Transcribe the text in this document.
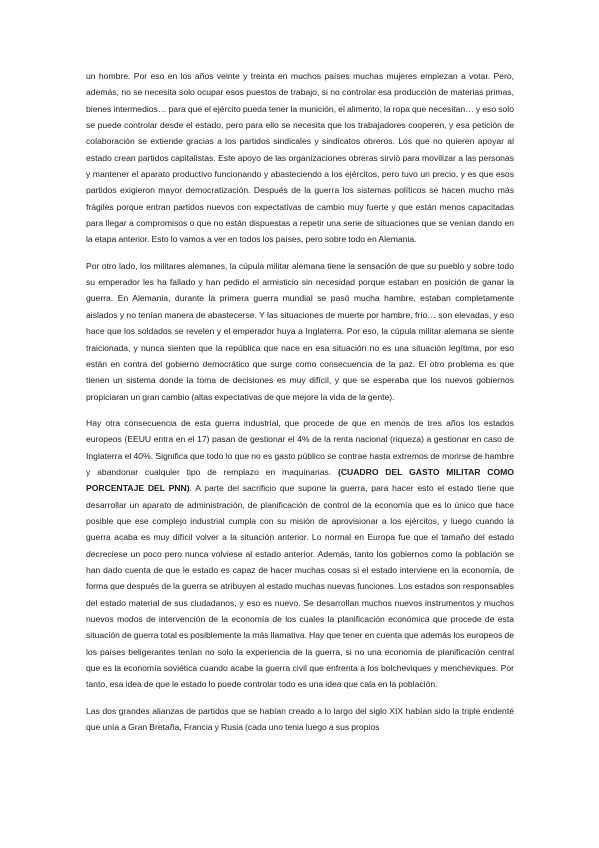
un hombre. Por eso en los años veinte y treinta en muchos países muchas mujeres empiezan a votar. Pero, además, no se necesita solo ocupar esos puestos de trabajo, si no controlar esa producción de materias primas, bienes intermedios… para que el ejército pueda tener la munición, el alimento, la ropa que necesitan… y eso solo se puede controlar desde el estado, pero para ello se necesita que los trabajadores cooperen, y esa petición de colaboración se extiende gracias a los partidos sindicales y sindicatos obreros. Los que no quieren apoyar al estado crean partidos capitalistas. Este apoyo de las organizaciones obreras sirvió para movilizar a las personas y mantener el aparato productivo funcionando y abasteciendo a los ejércitos, pero tuvo un precio, y es que esos partidos exigieron mayor democratización. Después de la guerra los sistemas políticos se hacen mucho más frágiles porque entran partidos nuevos con expectativas de cambio muy fuerte y que están menos capacitadas para llegar a compromisos o que no están dispuestas a repetir una serie de situaciones que se venían dando en la etapa anterior. Esto lo vamos a ver en todos los países, pero sobre todo en Alemania.

Por otro lado, los militares alemanes, la cúpula militar alemana tiene la sensación de que su pueblo y sobre todo su emperador les ha fallado y han pedido el armisticio sin necesidad porque estaban en posición de ganar la guerra. En Alemania, durante la primera guerra mundial se pasó mucha hambre, estaban completamente aislados y no tenían manera de abastecerse. Y las situaciones de muerte por hambre, frío… son elevadas, y eso hace que los soldados se revelen y el emperador huya a Inglaterra. Por eso, la cúpula militar alemana se siente traicionada, y nunca sienten que la república que nace en esa situación no es una situación legítima, por eso están en contra del gobierno democrático que surge como consecuencia de la paz. El otro problema es que tienen un sistema donde la toma de decisiones es muy difícil, y que se esperaba que los nuevos gobiernos propiciaran un gran cambio (altas expectativas de que mejore la vida de la gente).

Hay otra consecuencia de esta guerra industrial, que procede de que en menos de tres años los estados europeos (EEUU entra en el 17) pasan de gestionar el 4% de la renta nacional (riqueza) a gestionar en caso de Inglaterra el 40%. Significa que todo lo que no es gasto público se contrae hasta extremos de morirse de hambre y abandonar cualquier tipo de remplazo en maquinarias. (CUADRO DEL GASTO MILITAR COMO PORCENTAJE DEL PNN). A parte del sacrificio que supone la guerra, para hacer esto el estado tiene que desarrollar un aparato de administración, de planificación de control de la economía que es lo único que hace posible que ese complejo industrial cumpla con su misión de aprovisionar a los ejércitos, y luego cuando la guerra acaba es muy difícil volver a la situación anterior. Lo normal en Europa fue que el tamaño del estado decreciese un poco pero nunca volviese al estado anterior. Además, tanto los gobiernos como la población se han dado cuenta de que le estado es capaz de hacer muchas cosas si el estado interviene en la economía, de forma que después de la guerra se atribuyen al estado muchas nuevas funciones. Los estados son responsables del estado material de sus ciudadanos, y eso es nuevo. Se desarrollan muchos nuevos instrumentos y muchos nuevos modos de intervención de la economía de los cuales la planificación económica que procede de esta situación de guerra total es posiblemente la más llamativa. Hay que tener en cuenta que además los europeos de los países beligerantes tenían no solo la experiencia de la guerra, si no una economía de planificación central que es la economía soviética cuando acabe la guerra civil que enfrenta a los bolcheviques y mencheviques. Por tanto, esa idea de que le estado lo puede controlar todo es una idea que cala en la población.

Las dos grandes alianzas de partidos que se habían creado a lo largo del siglo XIX habían sido la triple endenté que unía a Gran Bretaña, Francia y Rusia (cada uno tenia luego a sus propios
